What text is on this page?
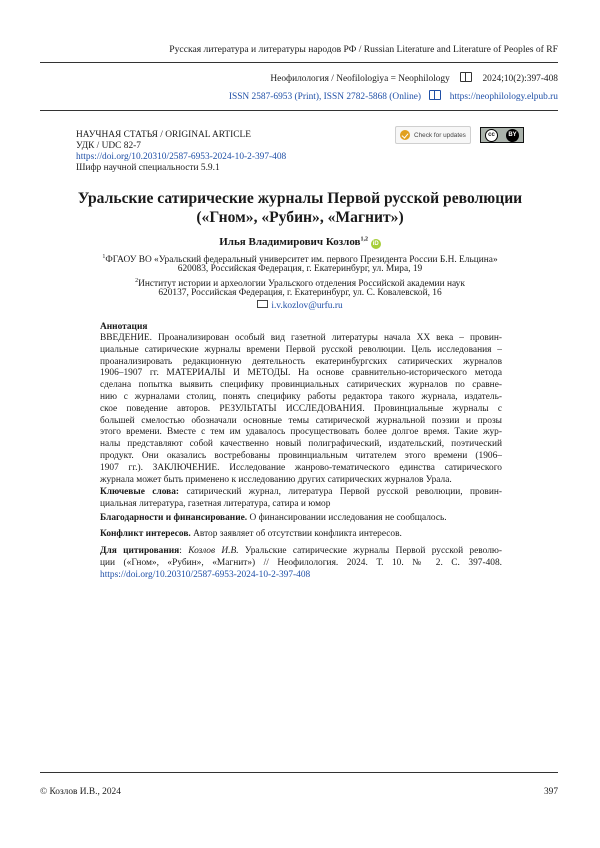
Русская литература и литературы народов РФ / Russian Literature and Literature of Peoples of RF
Неофилология / Neofilologiya = Neophilology	2024;10(2):397-408
ISSN 2587-6953 (Print), ISSN 2782-5868 (Online)	https://neophilology.elpub.ru
НАУЧНАЯ СТАТЬЯ / ORIGINAL ARTICLE
УДК / UDC 82-7
https://doi.org/10.20310/2587-6953-2024-10-2-397-408
Шифр научной специальности 5.9.1
Check for updates	cc	BY
Уральские сатирические журналы Первой русской революции
(«Гном», «Рубин», «Магнит»)
Илья Владимирович Козлов$^{1,2}$ iD
$^1$ФГАОУ ВО «Уральский федеральный университет им. первого Президента России Б.Н. Ельцина»
620083, Российская Федерация, г. Екатеринбург, ул. Мира, 19
$^2$Институт истории и археологии Уральского отделения Российской академии наук
620137, Российская Федерация, г. Екатеринбург, ул. С. Ковалевской, 16
i.v.kozlov@urfu.ru
Аннотация
ВВЕДЕНИЕ. Проанализирован особый вид газетной литературы начала XX века – провин-
циальные сатирические журналы времени Первой русской революции. Цель исследования –
проанализировать редакционную деятельность екатеринбургских сатирических журналов
1906–1907 гг. МАТЕРИАЛЫ И МЕТОДЫ. На основе сравнительно-исторического метода
сделана попытка выявить специфику провинциальных сатирических журналов по сравне-
нию с журналами столиц, понять специфику работы редактора такого журнала, издатель-
ское поведение авторов. РЕЗУЛЬТАТЫ ИССЛЕДОВАНИЯ. Провинциальные журналы с
большей смелостью обозначали основные темы сатирической журнальной поэзии и прозы
этого времени. Вместе с тем им удавалось просуществовать более долгое время. Такие жур-
налы представляют собой качественно новый полиграфический, издательский, поэтический
продукт. Они оказались востребованы провинциальным читателем этого времени (1906–
1907 гг.). ЗАКЛЮЧЕНИЕ. Исследование жанрово-тематического единства сатирического
журнала может быть применено к исследованию других сатирических журналов Урала.
Ключевые слова: сатирический журнал, литература Первой русской революции, провин-
циальная литература, газетная литература, сатира и юмор
Благодарности и финансирование. О финансировании исследования не сообщалось.
Конфликт интересов. Автор заявляет об отсутствии конфликта интересов.
Для цитирования: Козлов И.В. Уральские сатирические журналы Первой русской револю-
ции («Гном», «Рубин», «Магнит») // Неофилология. 2024. Т. 10. № 2. С. 397-408.
https://doi.org/10.20310/2587-6953-2024-10-2-397-408
© Козлов И.В., 2024	397
